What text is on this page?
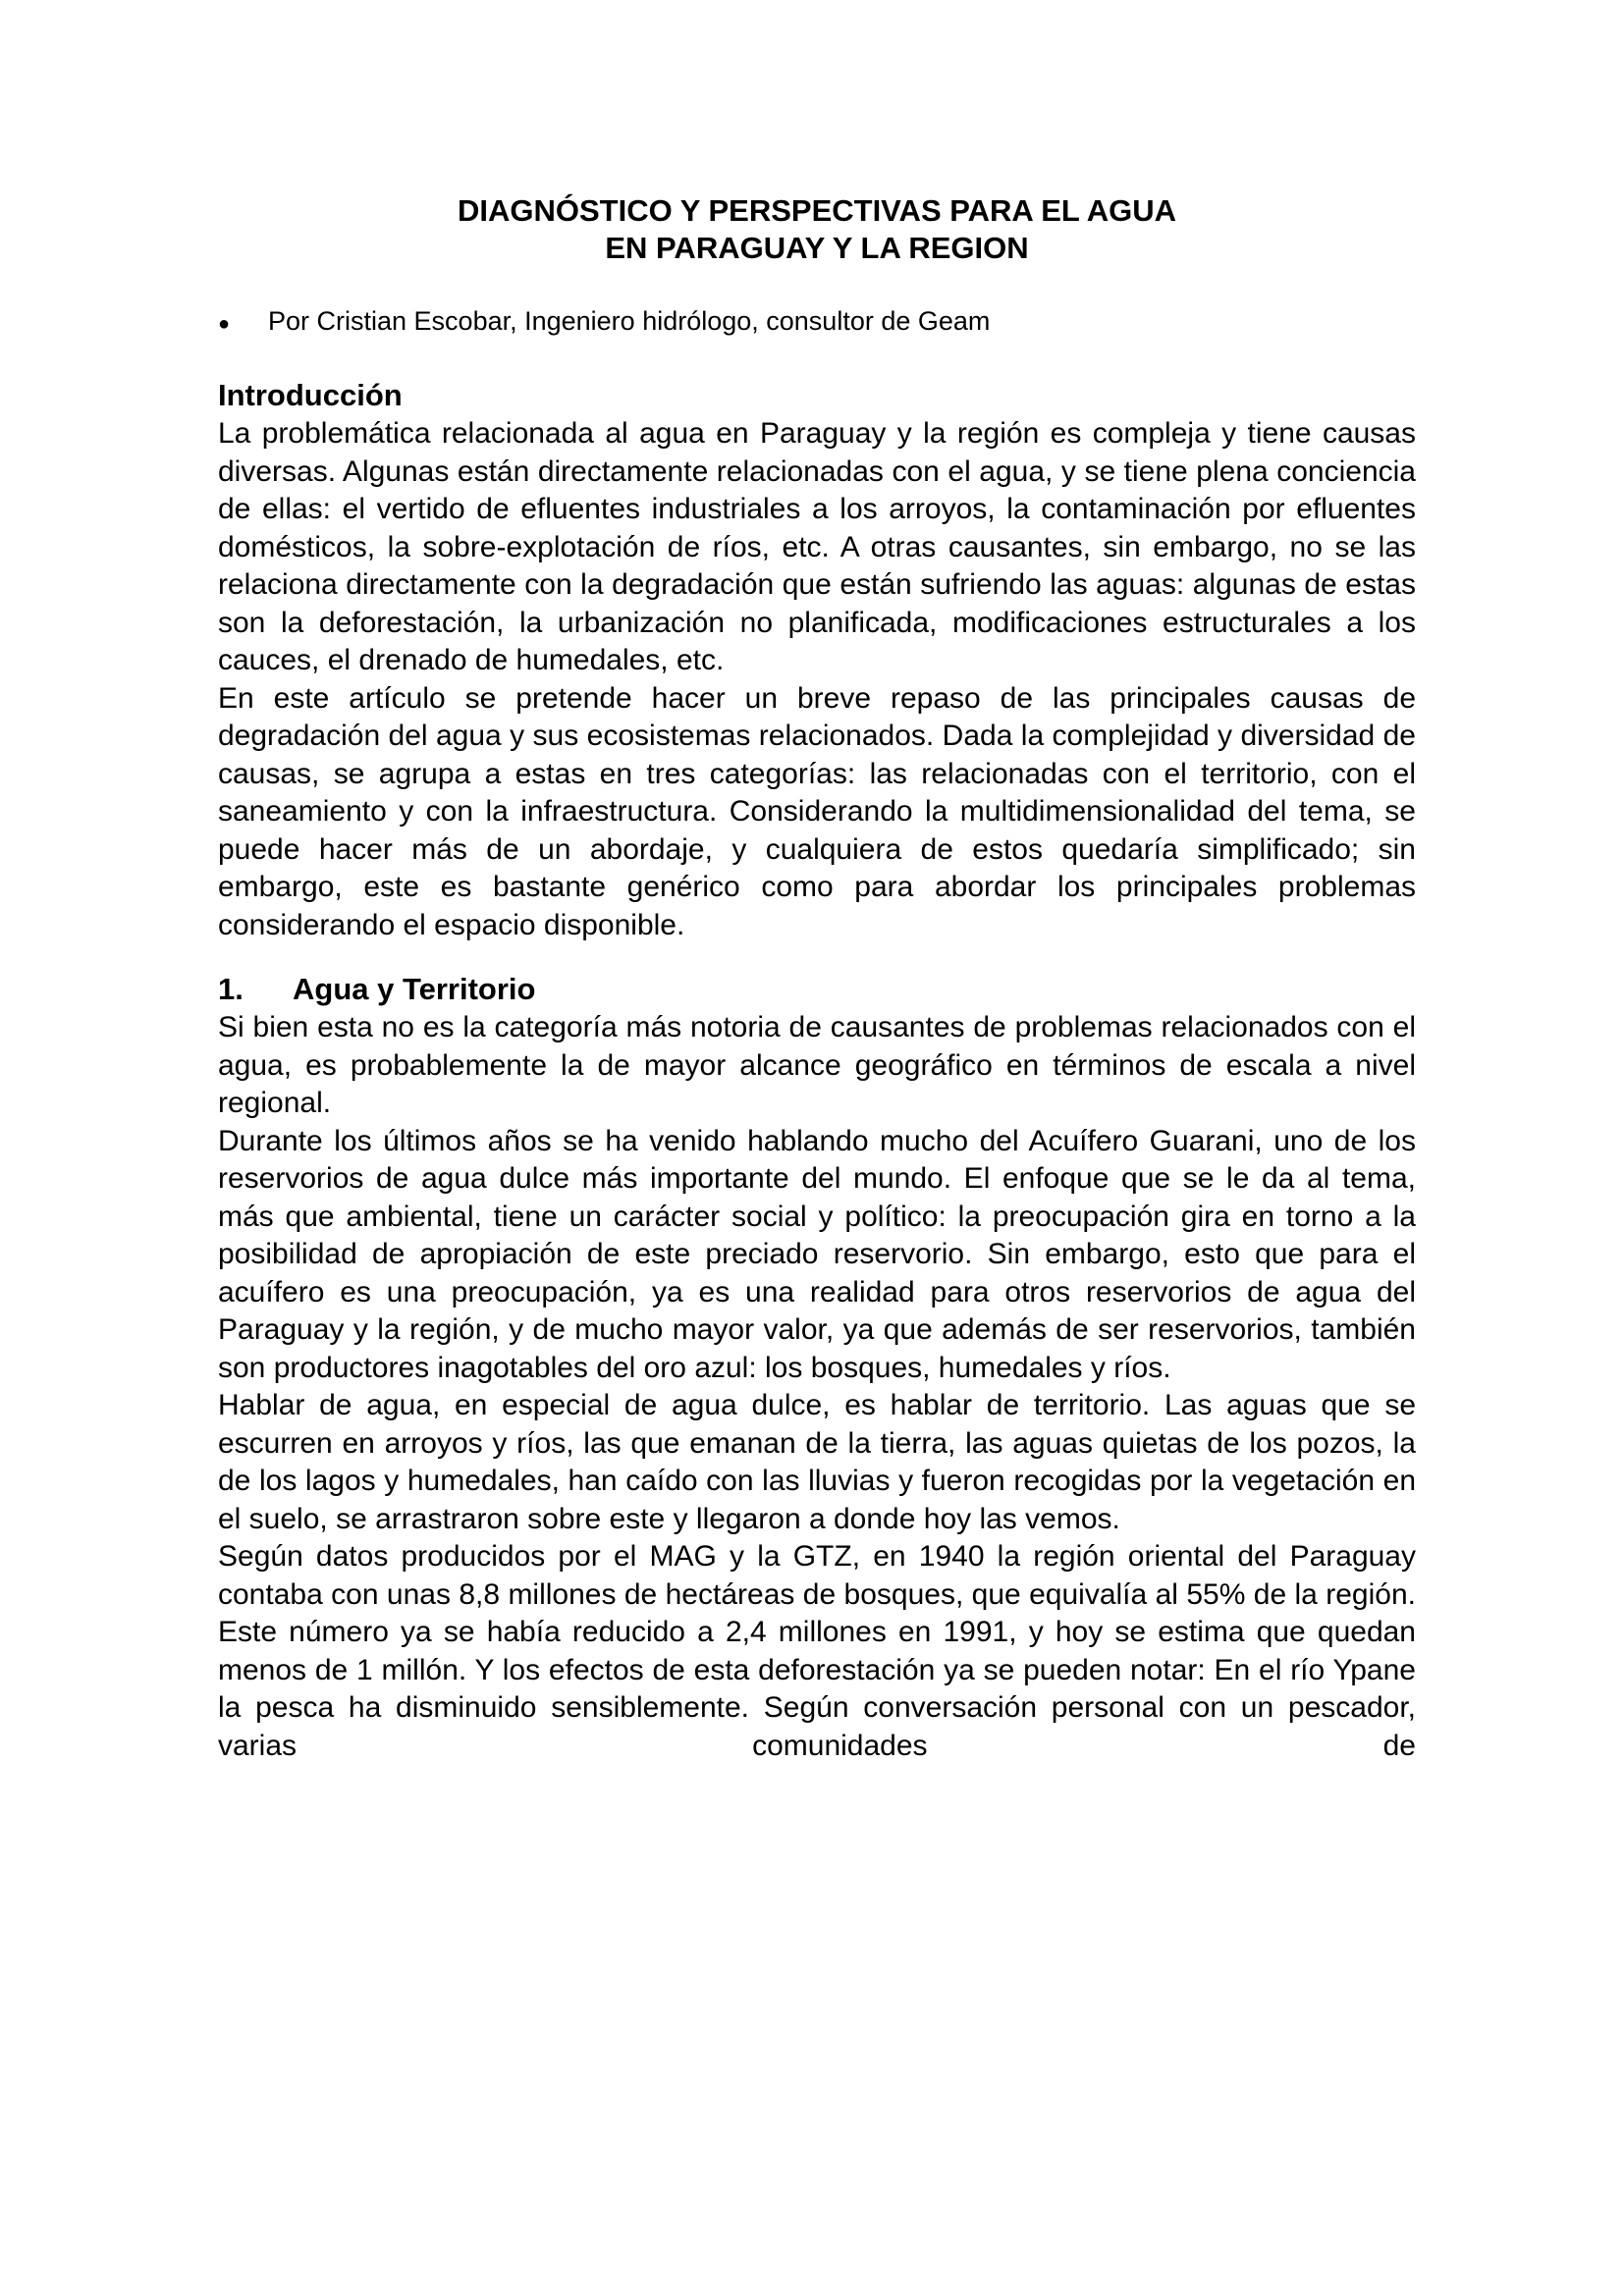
DIAGNÓSTICO Y PERSPECTIVAS PARA EL AGUA
EN PARAGUAY Y LA REGION
●	Por Cristian Escobar, Ingeniero hidrólogo, consultor de Geam
Introducción

La problemática relacionada al agua en Paraguay y la región es compleja y tiene causas diversas. Algunas están directamente relacionadas con el agua, y se tiene plena conciencia de ellas: el vertido de efluentes industriales a los arroyos, la contaminación por efluentes domésticos, la sobre-explotación de ríos, etc. A otras causantes, sin embargo, no se las relaciona directamente con la degradación que están sufriendo las aguas: algunas de estas son la deforestación, la urbanización no planificada, modificaciones estructurales a los cauces, el drenado de humedales, etc.

En este artículo se pretende hacer un breve repaso de las principales causas de degradación del agua y sus ecosistemas relacionados. Dada la complejidad y diversidad de causas, se agrupa a estas en tres categorías: las relacionadas con el territorio, con el saneamiento y con la infraestructura. Considerando la multidimensionalidad del tema, se puede hacer más de un abordaje, y cualquiera de estos quedaría simplificado; sin embargo, este es bastante genérico como para abordar los principales problemas considerando el espacio disponible.

1.	Agua y Territorio

Si bien esta no es la categoría más notoria de causantes de problemas relacionados con el agua, es probablemente la de mayor alcance geográfico en términos de escala a nivel regional.

Durante los últimos años se ha venido hablando mucho del Acuífero Guarani, uno de los reservorios de agua dulce más importante del mundo. El enfoque que se le da al tema, más que ambiental, tiene un carácter social y político: la preocupación gira en torno a la posibilidad de apropiación de este preciado reservorio. Sin embargo, esto que para el acuífero es una preocupación, ya es una realidad para otros reservorios de agua del Paraguay y la región, y de mucho mayor valor, ya que además de ser reservorios, también son productores inagotables del oro azul: los bosques, humedales y ríos.

Hablar de agua, en especial de agua dulce, es hablar de territorio. Las aguas que se escurren en arroyos y ríos, las que emanan de la tierra, las aguas quietas de los pozos, la de los lagos y humedales, han caído con las lluvias y fueron recogidas por la vegetación en el suelo, se arrastraron sobre este y llegaron a donde hoy las vemos.

Según datos producidos por el MAG y la GTZ, en 1940 la región oriental del Paraguay contaba con unas 8,8 millones de hectáreas de bosques, que equivalía al 55% de la región. Este número ya se había reducido a 2,4 millones en 1991, y hoy se estima que quedan menos de 1 millón. Y los efectos de esta deforestación ya se pueden notar: En el río Ypane la pesca ha disminuido sensiblemente. Según conversación personal con un pescador, varias comunidades de
